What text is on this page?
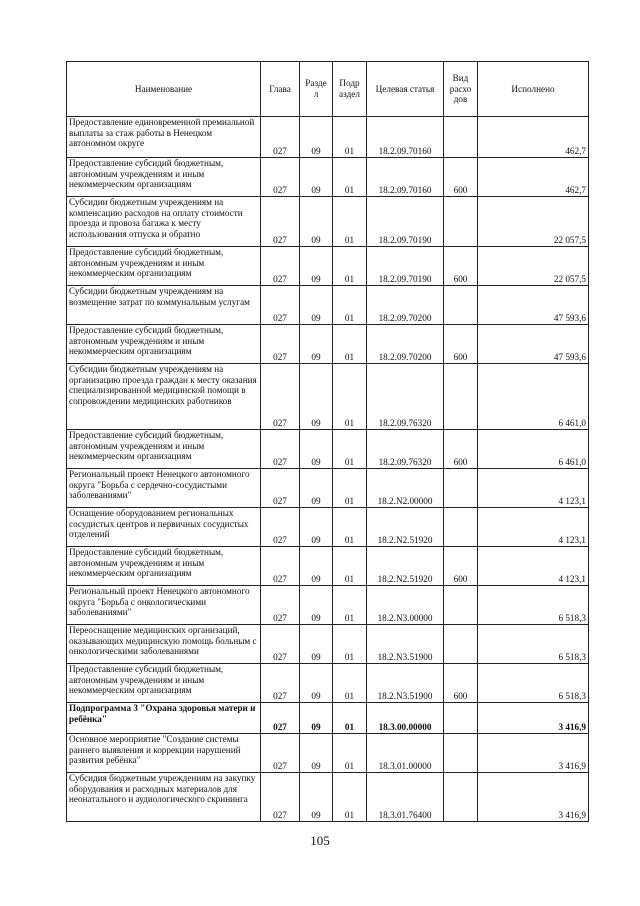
Наименование	Глава	Разде л	Подр аздел	Целевая статья	Вид расхо дов	Исполнено
Предоставление единовременной премиальной выплаты за стаж работы в Ненецком автономном округе	027	09	01	18.2.09.70160		462,7
Предоставление субсидий бюджетным, автономным учреждениям и иным некоммерческим организациям	027	09	01	18.2.09.70160	600	462,7
Субсидии бюджетным учреждениям на компенсацию расходов на оплату стоимости проезда и провоза багажа к месту использования отпуска и обратно	027	09	01	18.2.09.70190		22 057,5
Предоставление субсидий бюджетным, автономным учреждениям и иным некоммерческим организациям	027	09	01	18.2.09.70190	600	22 057,5
Субсидии бюджетным учреждениям на возмещение затрат по коммунальным услугам	027	09	01	18.2.09.70200		47 593,6
Предоставление субсидий бюджетным, автономным учреждениям и иным некоммерческим организациям	027	09	01	18.2.09.70200	600	47 593,6
Субсидии бюджетным учреждениям на организацию проезда граждан к месту оказания специализированной медицинской помощи в сопровождении медицинских работников	027	09	01	18.2.09.76320		6 461,0
Предоставление субсидий бюджетным, автономным учреждениям и иным некоммерческим организациям	027	09	01	18.2.09.76320	600	6 461,0
Региональный проект Ненецкого автономного округа "Борьба с сердечно-сосудистыми заболеваниями"	027	09	01	18.2.N2.00000		4 123,1
Оснащение оборудованием региональных сосудистых центров и первичных сосудистых отделений	027	09	01	18.2.N2.51920		4 123,1
Предоставление субсидий бюджетным, автономным учреждениям и иным некоммерческим организациям	027	09	01	18.2.N2.51920	600	4 123,1
Региональный проект Ненецкого автономного округа "Борьба с онкологическими заболеваниями"	027	09	01	18.2.N3.00000		6 518,3
Переоснащение медицинских организаций, оказывающих медицинскую помощь больным с онкологическими заболеваниями	027	09	01	18.2.N3.51900		6 518,3
Предоставление субсидий бюджетным, автономным учреждениям и иным некоммерческим организациям	027	09	01	18.2.N3.51900	600	6 518,3
Подпрограмма 3 "Охрана здоровья матери и ребёнка"	027	09	01	18.3.00.00000		3 416,9
Основное мероприятие "Создание системы раннего выявления и коррекции нарушений развития ребёнка"	027	09	01	18.3.01.00000		3 416,9
Субсидия бюджетным учреждениям на закупку оборудования и расходных материалов для неонатального и аудиологического скрининга	027	09	01	18.3.01.76400		3 416,9
105
